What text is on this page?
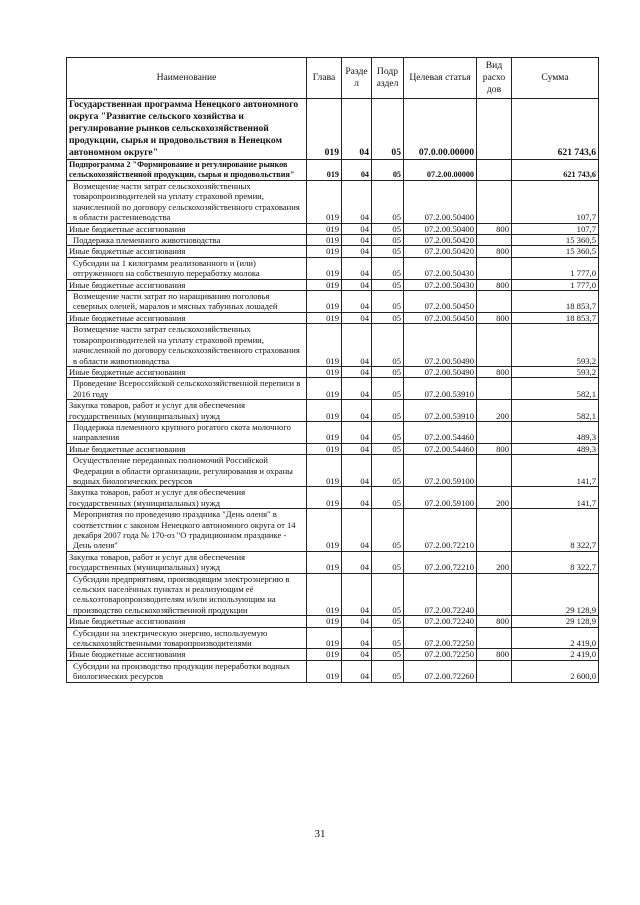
Наименование	Глава	Разде л	Подр аздел	Целевая статья	Вид расхо дов	Сумма
Государственная программа Ненецкого автономного округа "Развитие сельского хозяйства и регулирование рынков сельскохозяйственной продукции, сырья и продовольствия в Ненецком автономном округе"	019	04	05	07.0.00.00000		621 743,6
Подпрограмма 2 "Формирование и регулирование рынков сельскохозяйственной продукции, сырья и продовольствия"	019	04	05	07.2.00.00000		621 743,6
Возмещение части затрат сельскохозяйственных товаропроизводителей на уплату страховой премии, начисленной по договору сельскохозяйственного страхования в области растениеводства	019	04	05	07.2.00.50400		107,7
Иные бюджетные ассигнования	019	04	05	07.2.00.50400	800	107,7
Поддержка племенного животноводства	019	04	05	07.2.00.50420		15 360,5
Иные бюджетные ассигнования	019	04	05	07.2.00.50420	800	15 360,5
Субсидии на 1 килограмм реализованного и (или) отгруженного на собственную переработку молока	019	04	05	07.2.00.50430		1 777,0
Иные бюджетные ассигнования	019	04	05	07.2.00.50430	800	1 777,0
Возмещение части затрат по наращиванию поголовья северных оленей, маралов и мясных табунных лошадей	019	04	05	07.2.00.50450		18 853,7
Иные бюджетные ассигнования	019	04	05	07.2.00.50450	800	18 853,7
Возмещение части затрат сельскохозяйственных товаропроизводителей на уплату страховой премии, начисленной по договору сельскохозяйственного страхования в области животноводства	019	04	05	07.2.00.50490		593,2
Иные бюджетные ассигнования	019	04	05	07.2.00.50490	800	593,2
Проведение Всероссийской сельскохозяйственной переписи в 2016 году	019	04	05	07.2.00.53910		582,1
Закупка товаров, работ и услуг для обеспечения государственных (муниципальных) нужд	019	04	05	07.2.00.53910	200	582,1
Поддержка племенного крупного рогатого скота молочного направления	019	04	05	07.2.00.54460		489,3
Иные бюджетные ассигнования	019	04	05	07.2.00.54460	800	489,3
Осуществление переданных полномочий Российской Федерации в области организации, регулирования и охраны водных биологических ресурсов	019	04	05	07.2.00.59100		141,7
Закупка товаров, работ и услуг для обеспечения государственных (муниципальных) нужд	019	04	05	07.2.00.59100	200	141,7
Мероприятия по проведению праздника "День оленя" в соответствии с законом Ненецкого автономного округа от 14 декабря 2007 года № 170-оз "О традиционном празднике - День оленя"	019	04	05	07.2.00.72210		8 322,7
Закупка товаров, работ и услуг для обеспечения государственных (муниципальных) нужд	019	04	05	07.2.00.72210	200	8 322,7
Субсидии предприятиям, производящим электроэнергию в сельских населённых пунктах и реализующим её сельхозтоваропроизводителям и/или использующим на производство сельскохозяйственной продукции	019	04	05	07.2.00.72240		29 128,9
Иные бюджетные ассигнования	019	04	05	07.2.00.72240	800	29 128,9
Субсидии на электрическую энергию, используемую сельскохозяйственными товаропроизводителями	019	04	05	07.2.00.72250		2 419,0
Иные бюджетные ассигнования	019	04	05	07.2.00.72250	800	2 419,0
Субсидии на производство продукции переработки водных биологических ресурсов	019	04	05	07.2.00.72260		2 600,0
31
